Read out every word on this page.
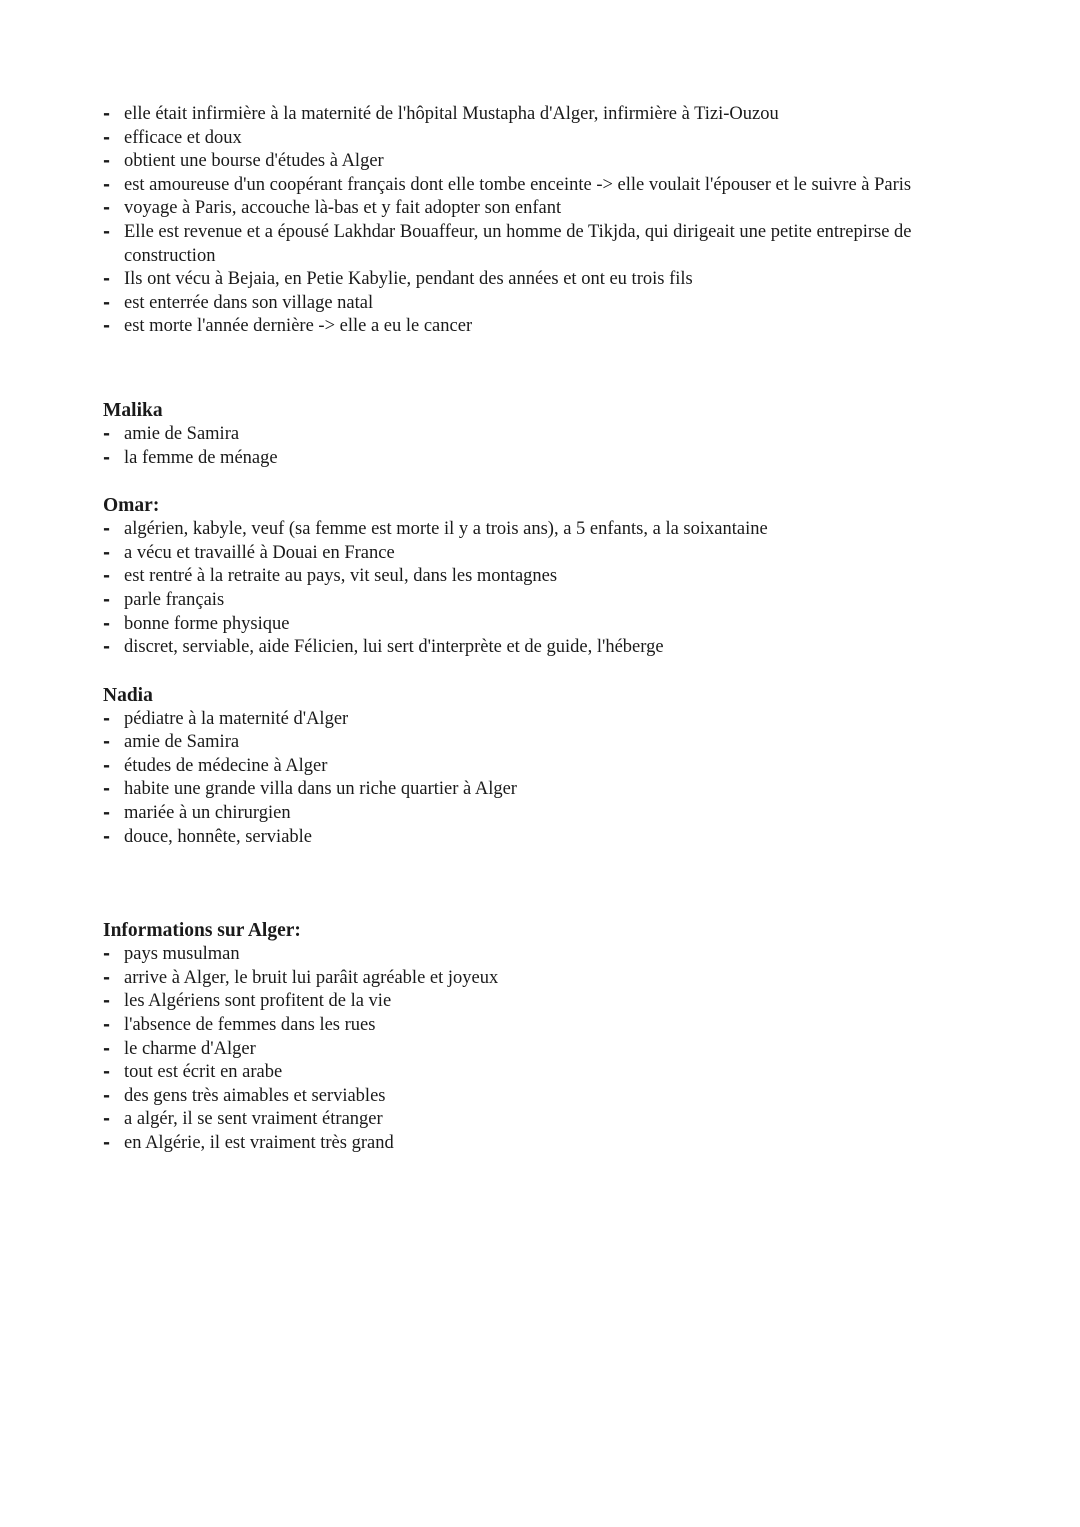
- elle était infirmière à la maternité de l'hôpital Mustapha d'Alger, infirmière à Tizi-Ouzou
- efficace et doux
- obtient une bourse d'études à Alger
- est amoureuse d'un coopérant français dont elle tombe enceinte -> elle voulait l'épouser et le suivre à Paris
- voyage à Paris, accouche là-bas et y fait adopter son enfant
- Elle est revenue et a épousé Lakhdar Bouaffeur, un homme de Tikjda, qui dirigeait une petite entrepirse de construction
- Ils ont vécu à Bejaia, en Petie Kabylie, pendant des années et ont eu trois fils
- est enterrée dans son village natal
- est morte l'année dernière -> elle a eu le cancer

Malika

- amie de Samira
- la femme de ménage

Omar:

- algérien, kabyle, veuf (sa femme est morte il y a trois ans), a 5 enfants, a la soixantaine
- a vécu et travaillé à Douai en France
- est rentré à la retraite au pays, vit seul, dans les montagnes
- parle français
- bonne forme physique
- discret, serviable, aide Félicien, lui sert d'interprète et de guide, l'héberge

Nadia

- pédiatre à la maternité d'Alger
- amie de Samira
- études de médecine à Alger
- habite une grande villa dans un riche quartier à Alger
- mariée à un chirurgien
- douce, honnête, serviable

Informations sur Alger:

- pays musulman
- arrive à Alger, le bruit lui parâit agréable et joyeux
- les Algériens sont profitent de la vie
- l'absence de femmes dans les rues
- le charme d'Alger
- tout est écrit en arabe
- des gens très aimables et serviables
- a algér, il se sent vraiment étranger
- en Algérie, il est vraiment très grand
